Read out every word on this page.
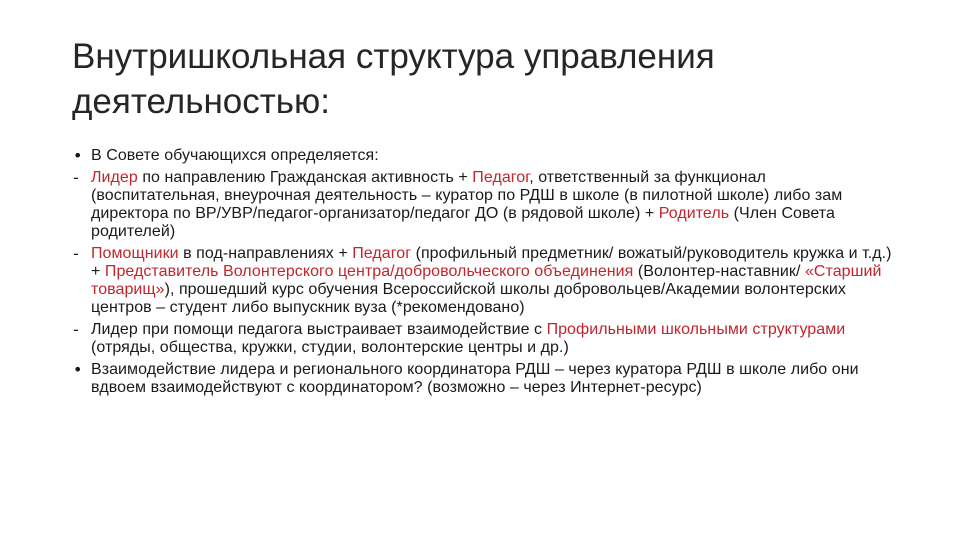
Внутришкольная структура управления деятельностью:
• В Совете обучающихся определяется:
- Лидер по направлению Гражданская активность + Педагог, ответственный за функционал (воспитательная, внеурочная деятельность – куратор по РДШ в школе (в пилотной школе) либо зам директора по ВР/УВР/педагог-организатор/педагог ДО (в рядовой школе) + Родитель (Член Совета родителей)
- Помощники в под-направлениях + Педагог (профильный предметник/ вожатый/руководитель кружка и т.д.) + Представитель Волонтерского центра/добровольческого объединения (Волонтер-наставник/ «Старший товарищ»), прошедший курс обучения Всероссийской школы добровольцев/Академии волонтерских центров – студент либо выпускник вуза (*рекомендовано)
- Лидер при помощи педагога выстраивает взаимодействие с Профильными школьными структурами (отряды, общества, кружки, студии, волонтерские центры и др.)
• Взаимодействие лидера и регионального координатора РДШ – через куратора РДШ в школе либо они вдвоем взаимодействуют с координатором? (возможно – через Интернет-ресурс)
